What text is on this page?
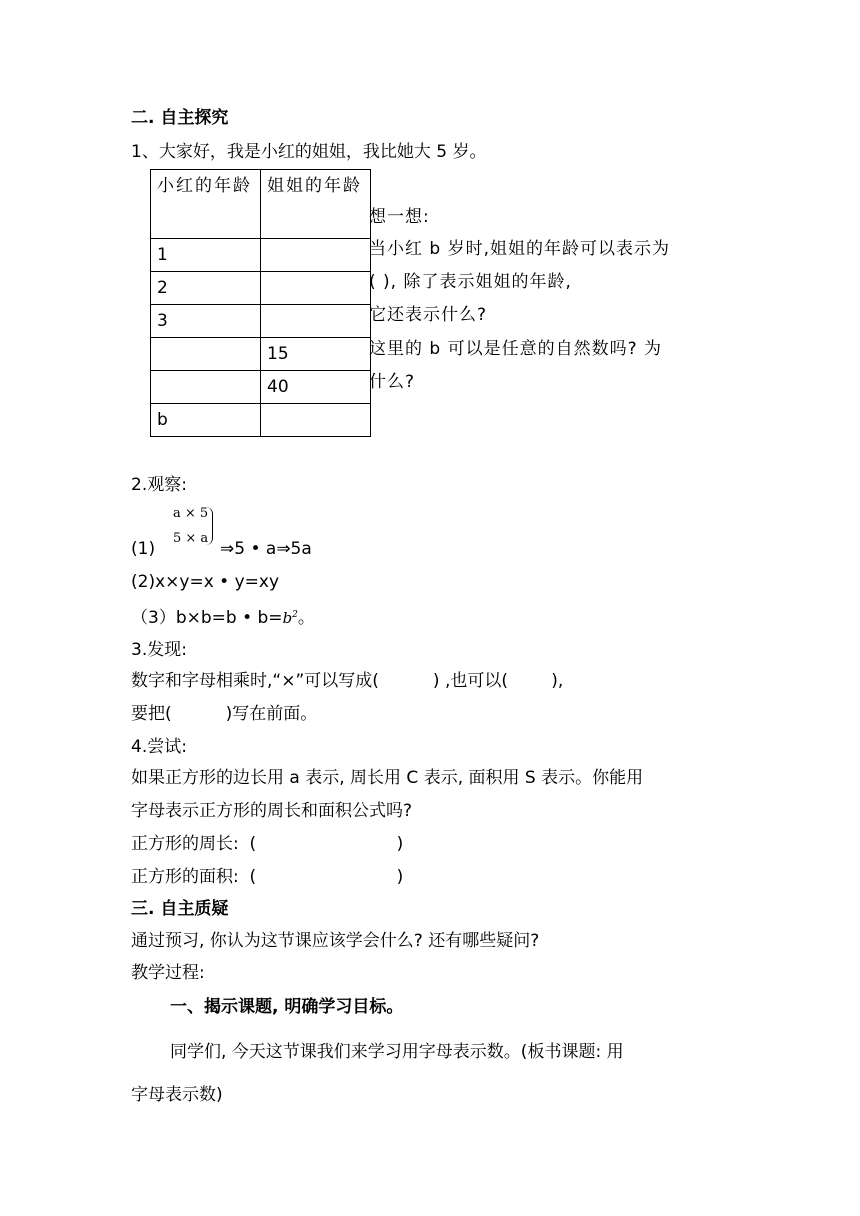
二. 自主探究
1、大家好，我是小红的姐姐，我比她大 5 岁。
小红的年龄	姐姐的年龄
1	
2	
3	
	15
	40
b	
想一想:
当小红 b 岁时,姐姐的年龄可以表示为
( ), 除了表示姐姐的年龄,
它还表示什么?
这里的 b 可以是任意的自然数吗? 为
什么?
2.观察:
a × 5
5 × a
(1)	⇒5 • a⇒5a
(2)x×y=x • y=xy
（3）b×b=b • $b=b^2$。
3.发现:
数字和字母相乘时,“×”可以写成(          ) ,也可以(        ),
要把(          )写在前面。
4.尝试:
如果正方形的边长用 a 表示, 周长用 C 表示, 面积用 S 表示。你能用
字母表示正方形的周长和面积公式吗?
正方形的周长:  (                          )
正方形的面积:  (                          )
三. 自主质疑
通过预习, 你认为这节课应该学会什么? 还有哪些疑问?
教学过程:
一、揭示课题, 明确学习目标。
同学们, 今天这节课我们来学习用字母表示数。(板书课题: 用
字母表示数)
